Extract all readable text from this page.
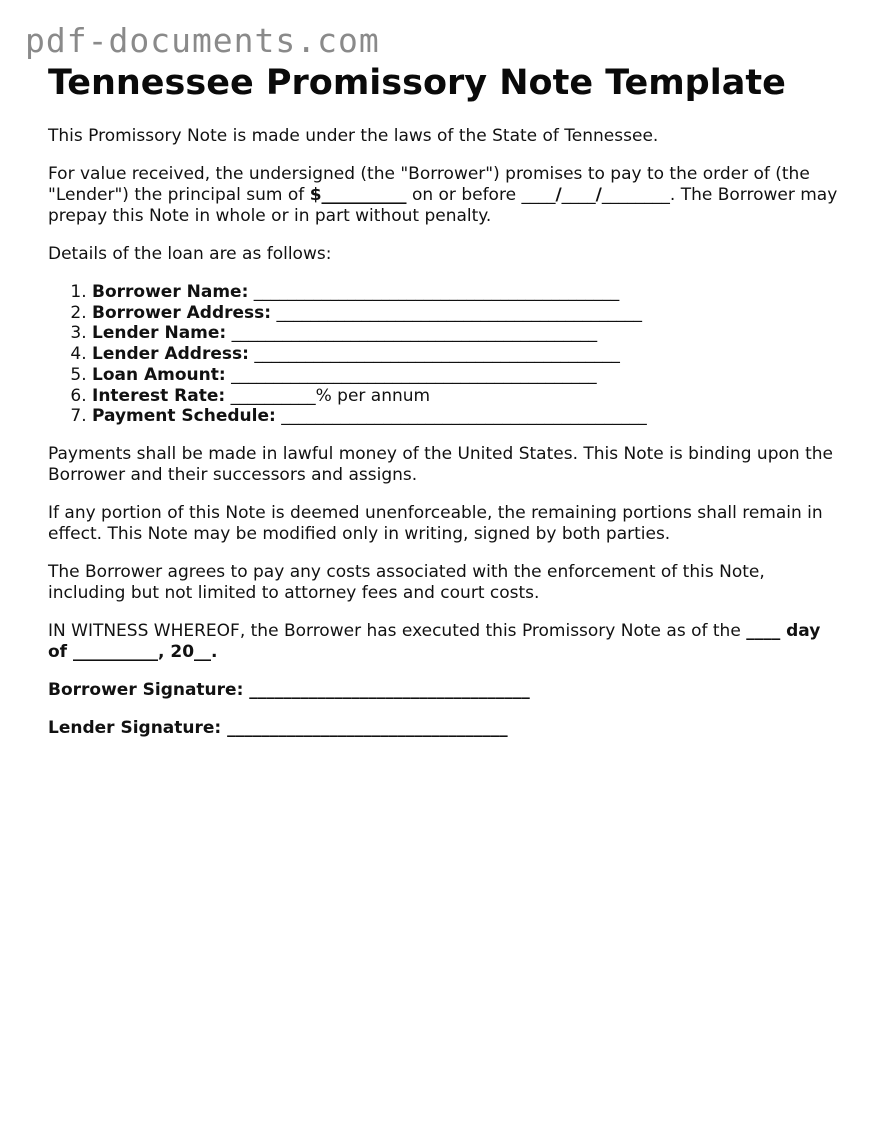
pdf-documents.com
Tennessee Promissory Note Template

This Promissory Note is made under the laws of the State of Tennessee.

For value received, the undersigned (the "Borrower") promises to pay to the order of (the "Lender") the principal sum of $__________ on or before ____/____/________. The Borrower may prepay this Note in whole or in part without penalty.

Details of the loan are as follows:

1. Borrower Name: ___________________________________________
2. Borrower Address: ___________________________________________
3. Lender Name: ___________________________________________
4. Lender Address: ___________________________________________
5. Loan Amount: ___________________________________________
6. Interest Rate: __________% per annum
7. Payment Schedule: ___________________________________________

Payments shall be made in lawful money of the United States. This Note is binding upon the Borrower and their successors and assigns.

If any portion of this Note is deemed unenforceable, the remaining portions shall remain in effect. This Note may be modified only in writing, signed by both parties.

The Borrower agrees to pay any costs associated with the enforcement of this Note, including but not limited to attorney fees and court costs.

IN WITNESS WHEREOF, the Borrower has executed this Promissory Note as of the ____ day of __________, 20__.

Borrower Signature: _________________________________

Lender Signature: _________________________________
